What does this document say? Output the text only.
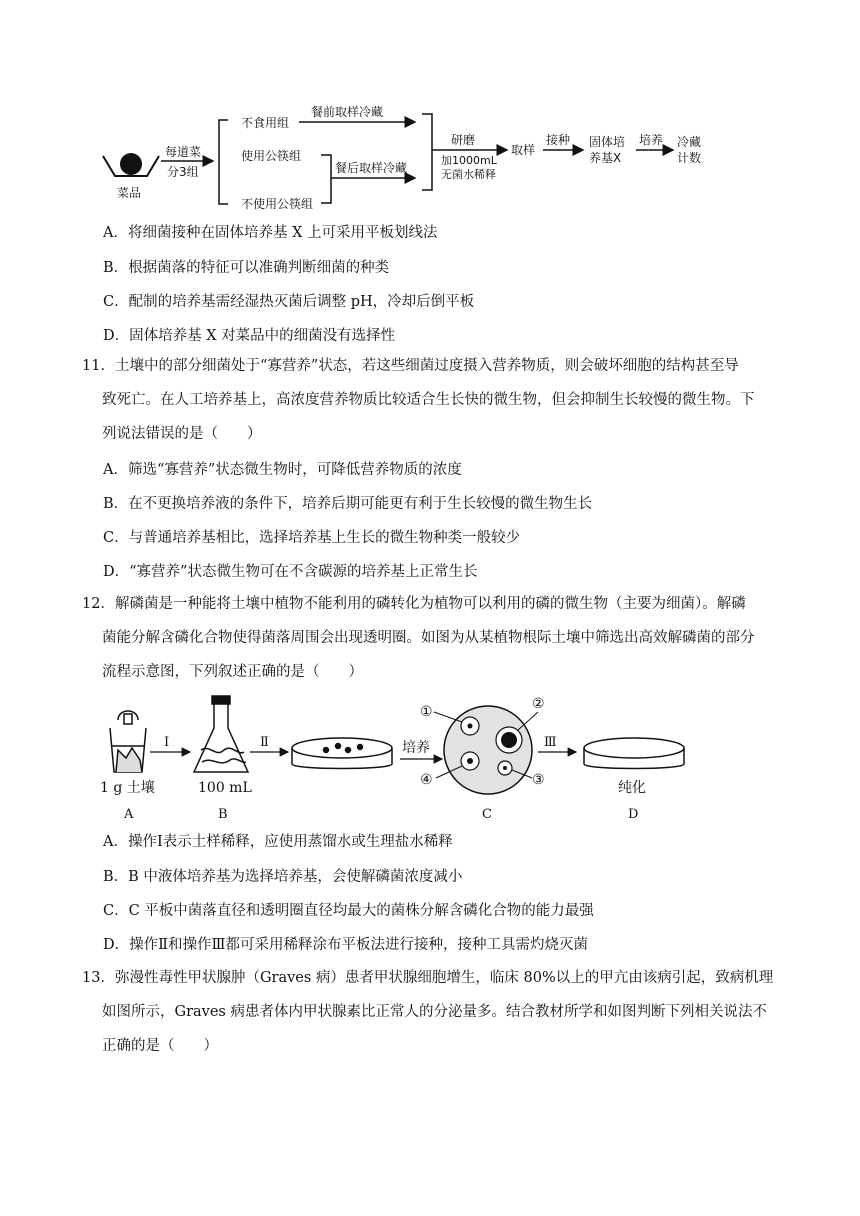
菜品
每道菜
分3组
不食用组
使用公筷组
不使用公筷组
餐前取样冷藏
餐后取样冷藏
研磨
加1000mL
无菌水稀释
取样
接种 固体培
养基X
培养 冷藏
计数
A．将细菌接种在固体培养基 X 上可采用平板划线法
B．根据菌落的特征可以准确判断细菌的种类
C．配制的培养基需经湿热灭菌后调整 pH，冷却后倒平板
D．固体培养基 X 对菜品中的细菌没有选择性
11．土壤中的部分细菌处于“寡营养”状态，若这些细菌过度摄入营养物质，则会破坏细胞的结构甚至导
致死亡。在人工培养基上，高浓度营养物质比较适合生长快的微生物，但会抑制生长较慢的微生物。下
列说法错误的是（　　）
A．筛选“寡营养”状态微生物时，可降低营养物质的浓度
B．在不更换培养液的条件下，培养后期可能更有利于生长较慢的微生物生长
C．与普通培养基相比，选择培养基上生长的微生物种类一般较少
D．“寡营养”状态微生物可在不含碳源的培养基上正常生长
12．解磷菌是一种能将土壤中植物不能利用的磷转化为植物可以利用的磷的微生物（主要为细菌）。解磷
菌能分解含磷化合物使得菌落周围会出现透明圈。如图为从某植物根际土壤中筛选出高效解磷菌的部分
流程示意图，下列叙述正确的是（　　）
1 g 土壤
A
I
100 mL
B
Ⅱ	培养
①	②
③
④
C
Ⅲ
纯化
D
A．操作Ⅰ表示土样稀释，应使用蒸馏水或生理盐水稀释
B．B 中液体培养基为选择培养基，会使解磷菌浓度减小
C．C 平板中菌落直径和透明圈直径均最大的菌株分解含磷化合物的能力最强
D．操作Ⅱ和操作Ⅲ都可采用稀释涂布平板法进行接种，接种工具需灼烧灭菌
13．弥漫性毒性甲状腺肿（Graves 病）患者甲状腺细胞增生，临床 80%以上的甲亢由该病引起，致病机理
如图所示，Graves 病患者体内甲状腺素比正常人的分泌量多。结合教材所学和如图判断下列相关说法不
正确的是（　　）
